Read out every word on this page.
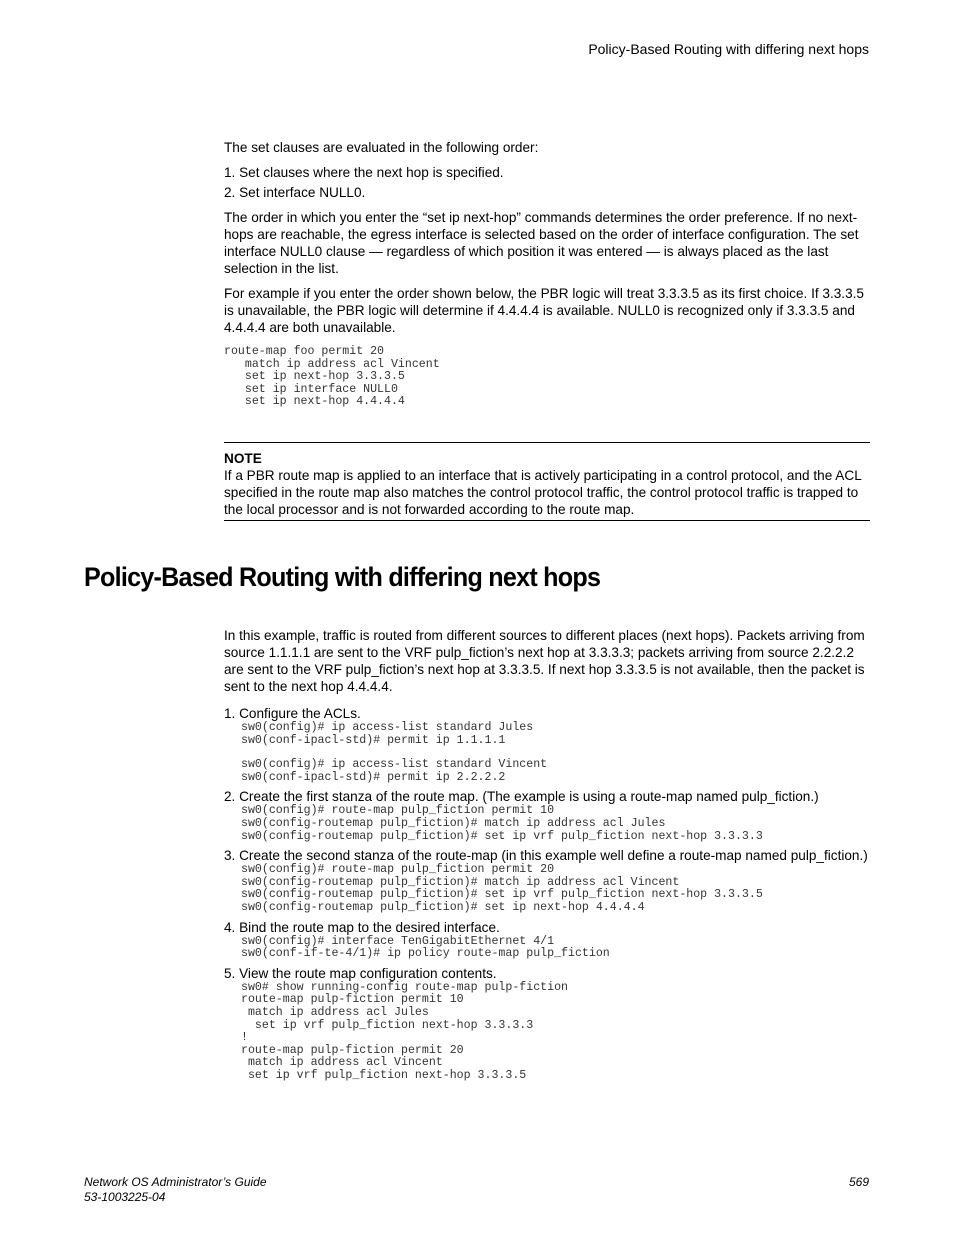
Policy-Based Routing with differing next hops

The set clauses are evaluated in the following order:

1. Set clauses where the next hop is specified.
2. Set interface NULL0.

The order in which you enter the “set ip next-hop” commands determines the order preference. If no next-hops are reachable, the egress interface is selected based on the order of interface configuration. The set interface NULL0 clause — regardless of which position it was entered — is always placed as the last selection in the list.

For example if you enter the order shown below, the PBR logic will treat 3.3.3.5 as its first choice. If 3.3.3.5 is unavailable, the PBR logic will determine if 4.4.4.4 is available. NULL0 is recognized only if 3.3.3.5 and 4.4.4.4 are both unavailable.

route-map foo permit 20
match ip address acl Vincent
set ip next-hop 3.3.3.5
set ip interface NULL0
set ip next-hop 4.4.4.4
NOTE

If a PBR route map is applied to an interface that is actively participating in a control protocol, and the ACL specified in the route map also matches the control protocol traffic, the control protocol traffic is trapped to the local processor and is not forwarded according to the route map.

Policy-Based Routing with differing next hops

In this example, traffic is routed from different sources to different places (next hops). Packets arriving from source 1.1.1.1 are sent to the VRF pulp_fiction’s next hop at 3.3.3.3; packets arriving from source 2.2.2.2 are sent to the VRF pulp_fiction’s next hop at 3.3.3.5. If next hop 3.3.3.5 is not available, then the packet is sent to the next hop 4.4.4.4.

1. Configure the ACLs.
sw0(config)# ip access-list standard Jules
sw0(conf-ipacl-std)# permit ip 1.1.1.1
sw0(config)# ip access-list standard Vincent
sw0(conf-ipacl-std)# permit ip 2.2.2.2
2. Create the first stanza of the route map. (The example is using a route-map named pulp_fiction.)
sw0(config)# route-map pulp_fiction permit 10
sw0(config-routemap pulp_fiction)# match ip address acl Jules
sw0(config-routemap pulp_fiction)# set ip vrf pulp_fiction next-hop 3.3.3.3
3. Create the second stanza of the route-map (in this example well define a route-map named pulp_fiction.)
sw0(config)# route-map pulp_fiction permit 20
sw0(config-routemap pulp_fiction)# match ip address acl Vincent
sw0(config-routemap pulp_fiction)# set ip vrf pulp_fiction next-hop 3.3.3.5
sw0(config-routemap pulp_fiction)# set ip next-hop 4.4.4.4
4. Bind the route map to the desired interface.
sw0(config)# interface TenGigabitEthernet 4/1
sw0(conf-if-te-4/1)# ip policy route-map pulp_fiction
5. View the route map configuration contents.
sw0# show running-config route-map pulp-fiction
route-map pulp-fiction permit 10
match ip address acl Jules
set ip vrf pulp_fiction next-hop 3.3.3.3
!
route-map pulp-fiction permit 20
match ip address acl Vincent
set ip vrf pulp_fiction next-hop 3.3.3.5
Network OS Administrator’s Guide
53-1003225-04
569
